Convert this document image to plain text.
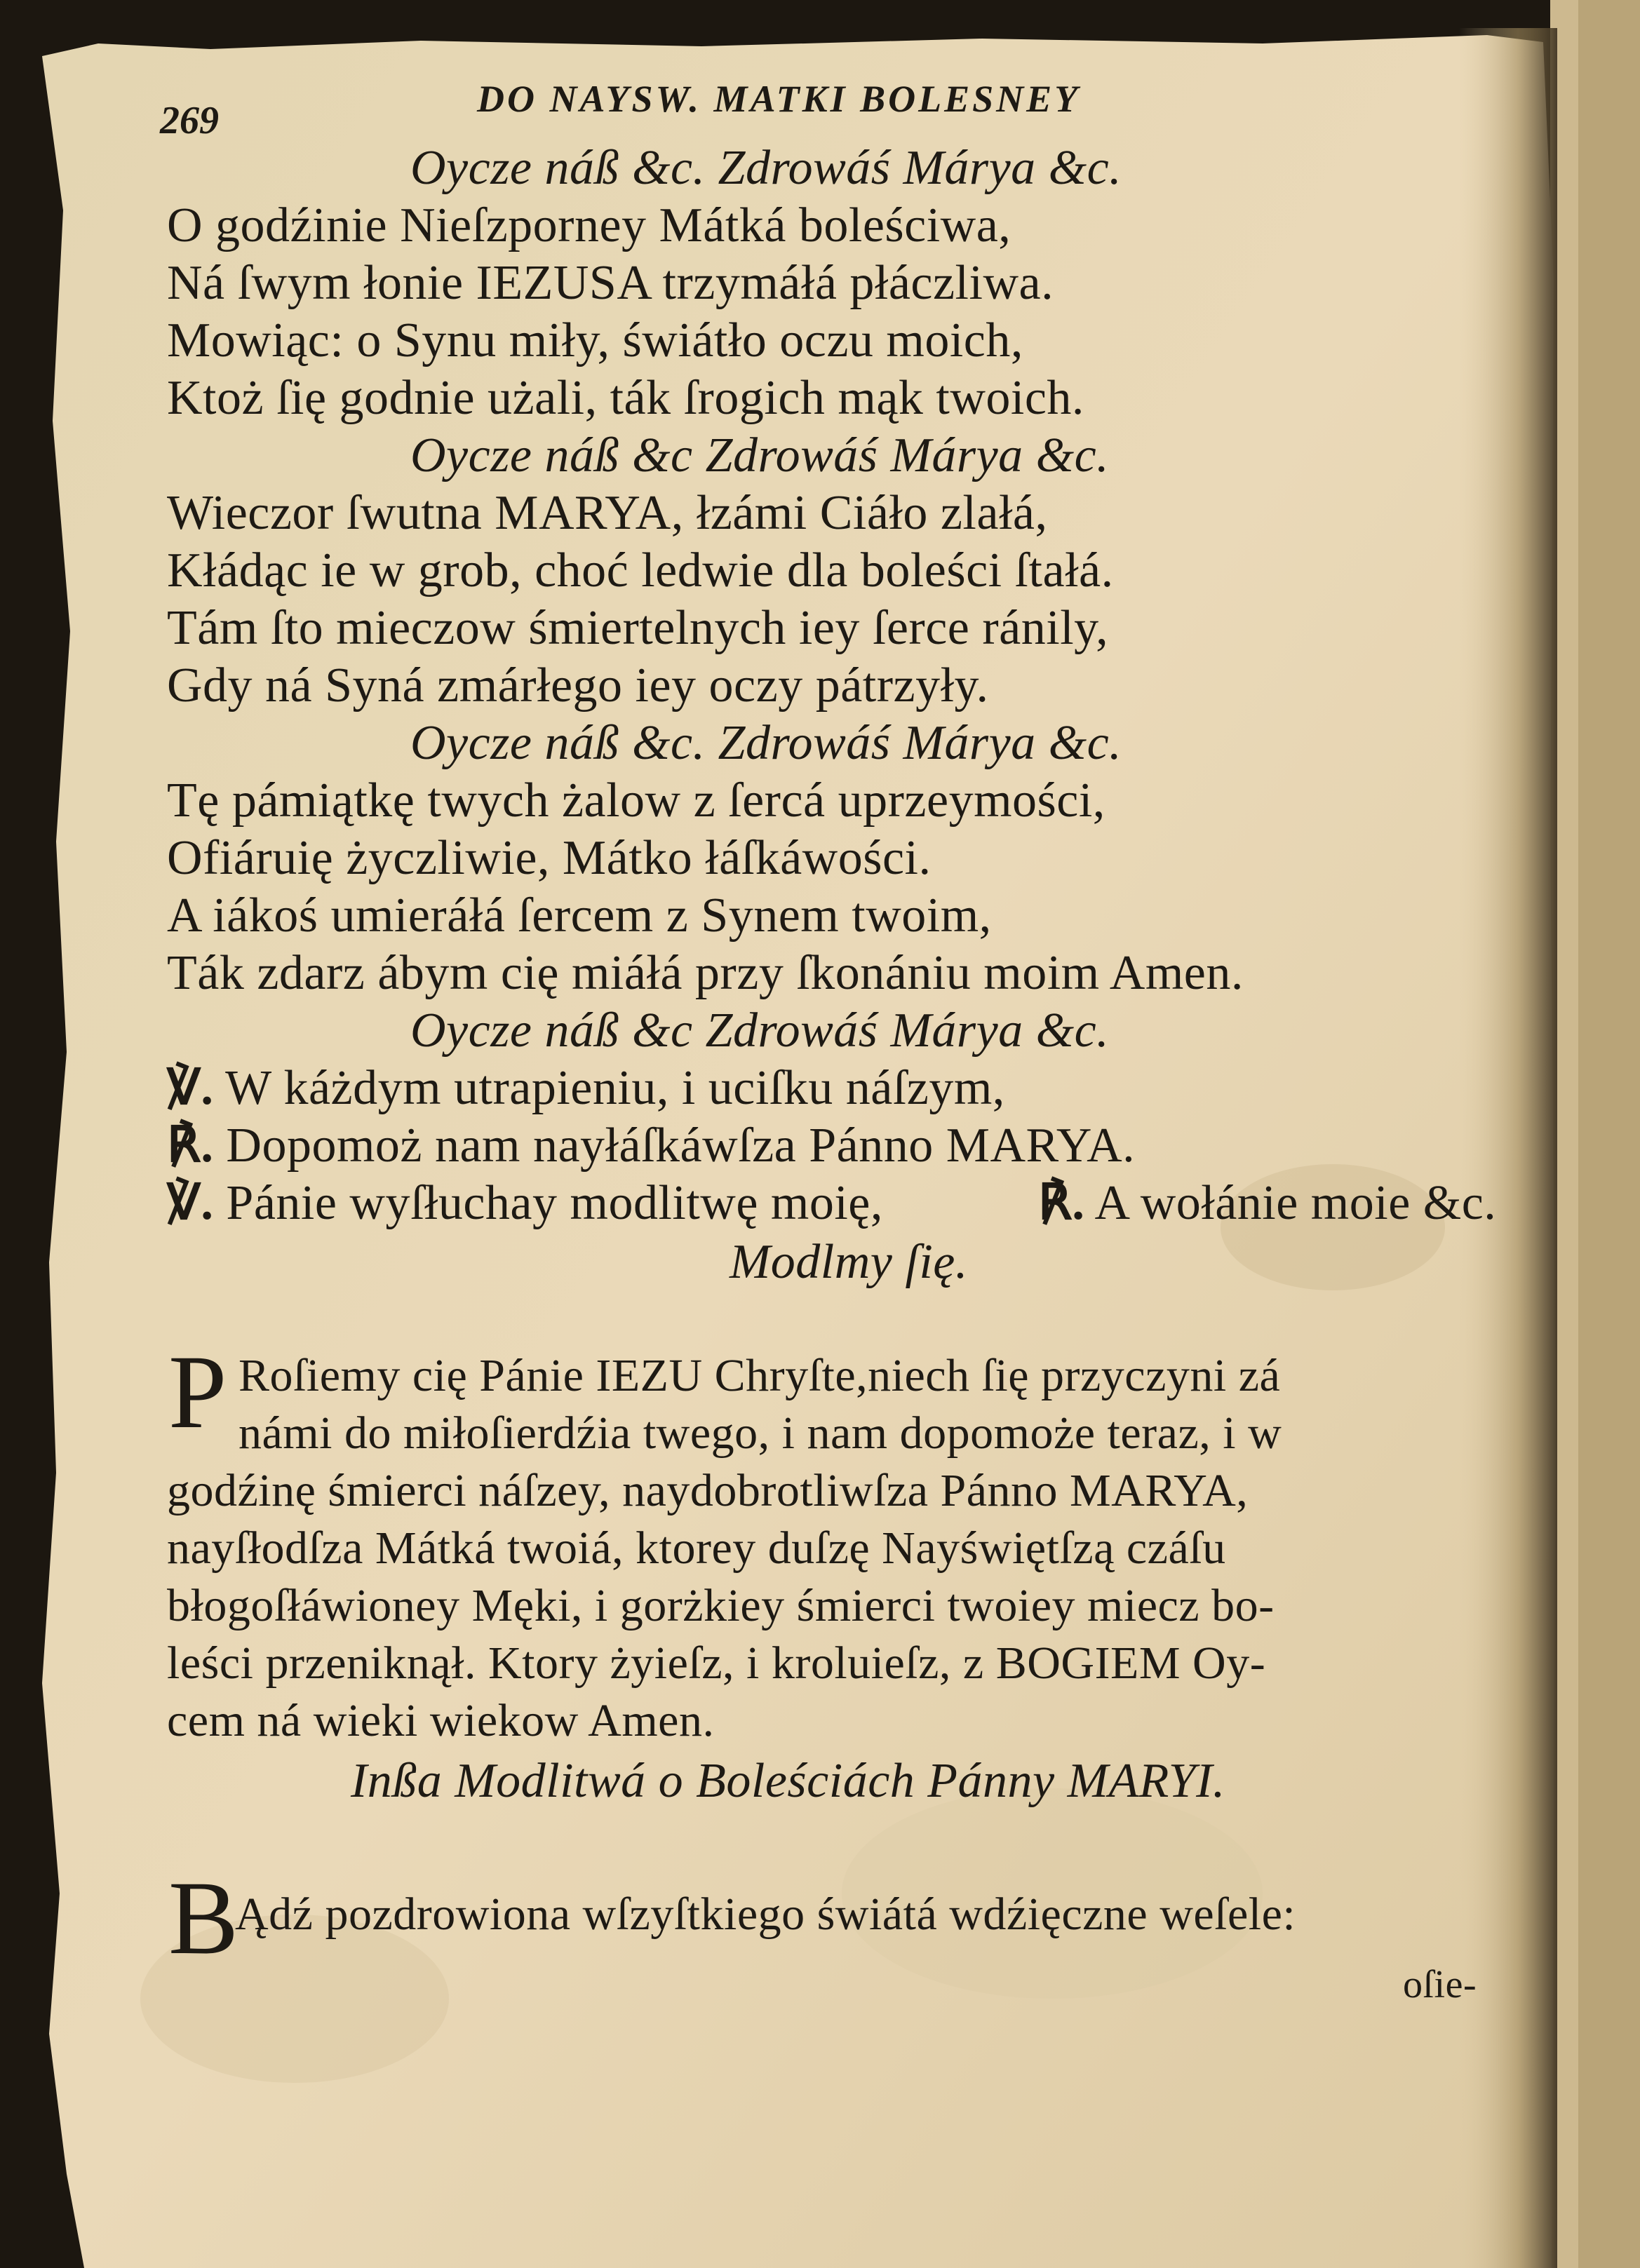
269	DO NAYSW. MATKI BOLESNEY
Oycze náß &c. Zdrowáś Márya &c.
O godźinie Nieſzporney Mátká boleściwa,
Ná ſwym łonie IEZUSA trzymáłá płáczliwa.
Mowiąc: o Synu miły, świátło oczu moich,
Ktoż ſię godnie użali, ták ſrogich mąk twoich.
Oycze náß &c Zdrowáś Márya &c.
Wieczor ſwutna MARYA, łzámi Ciáło zlałá,
Kłádąc ie w grob, choć ledwie dla boleści ſtałá.
Tám ſto mieczow śmiertelnych iey ſerce ránily,
Gdy ná Syná zmárłego iey oczy pátrzyły.
Oycze náß &c. Zdrowáś Márya &c.
Tę pámiątkę twych żalow z ſercá uprzeymości,
Ofiáruię życzliwie, Mátko łáſkáwości.
A iákoś umieráłá ſercem z Synem twoim,
Ták zdarz ábym cię miáłá przy ſkonániu moim Amen.
Oycze náß &c Zdrowáś Márya &c.
℣. W káżdym utrapieniu, i uciſku náſzym,
℟. Dopomoż nam nayłáſkáwſza Pánno MARYA.
℣. Pánie wyſłuchay modlitwę moię,	℟. A wołánie moie &c.
Modlmy ſię.
P Roſiemy cię Pánie IEZU Chryſte,niech ſię przyczyni zá
námi do miłoſierdźia twego, i nam dopomoże teraz, i w
godźinę śmierci náſzey, naydobrotliwſza Pánno MARYA,
nayſłodſza Mátká twoiá, ktorey duſzę Nayświętſzą czáſu
błogoſłáwioney Męki, i gorżkiey śmierci twoiey miecz bo-
leści przeniknął. Ktory żyieſz, i kroluieſz, z BOGIEM Oy-
cem ná wieki wiekow Amen.
Inßa Modlitwá o Boleściách Pánny MARYI.
B
Ądź pozdrowiona wſzyſtkiego świátá wdźięczne weſele:
oſie-
